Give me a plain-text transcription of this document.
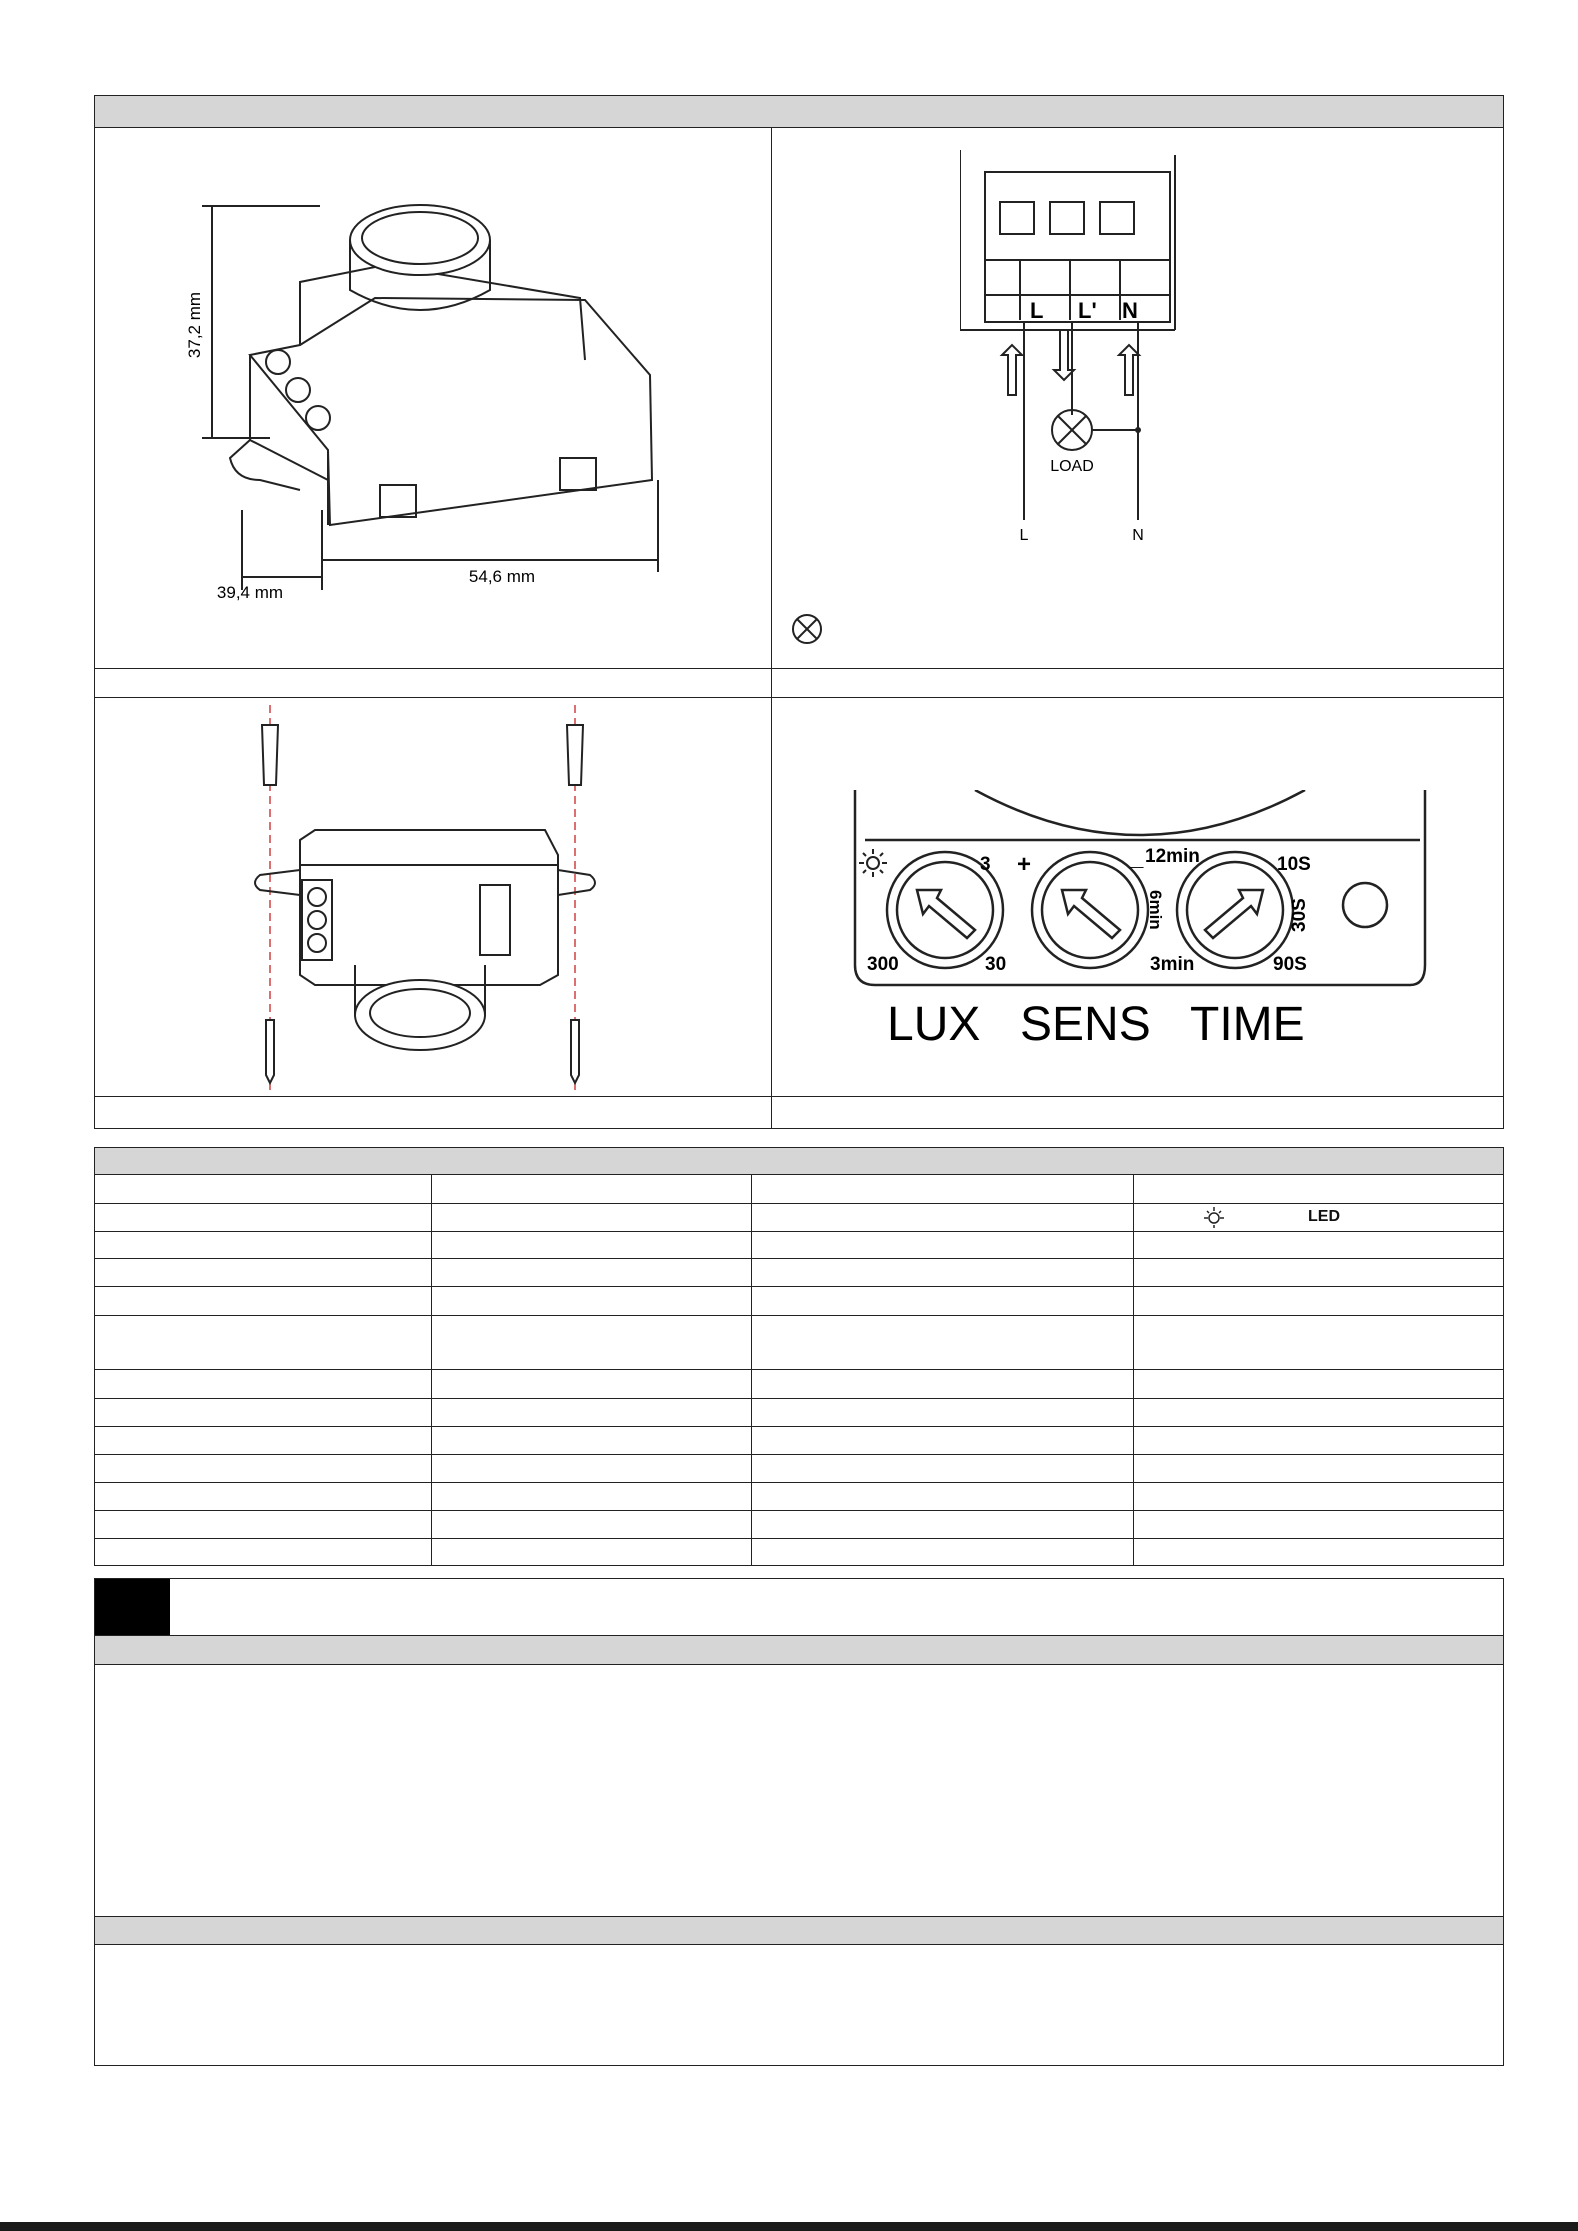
37,2 mm
39,4 mm
54,6 mm
L L' N
LOAD
L	N
3
30
300
+	_ 12min	10S
6min	30S
3min	90S
LUX SENS TIME
LED
